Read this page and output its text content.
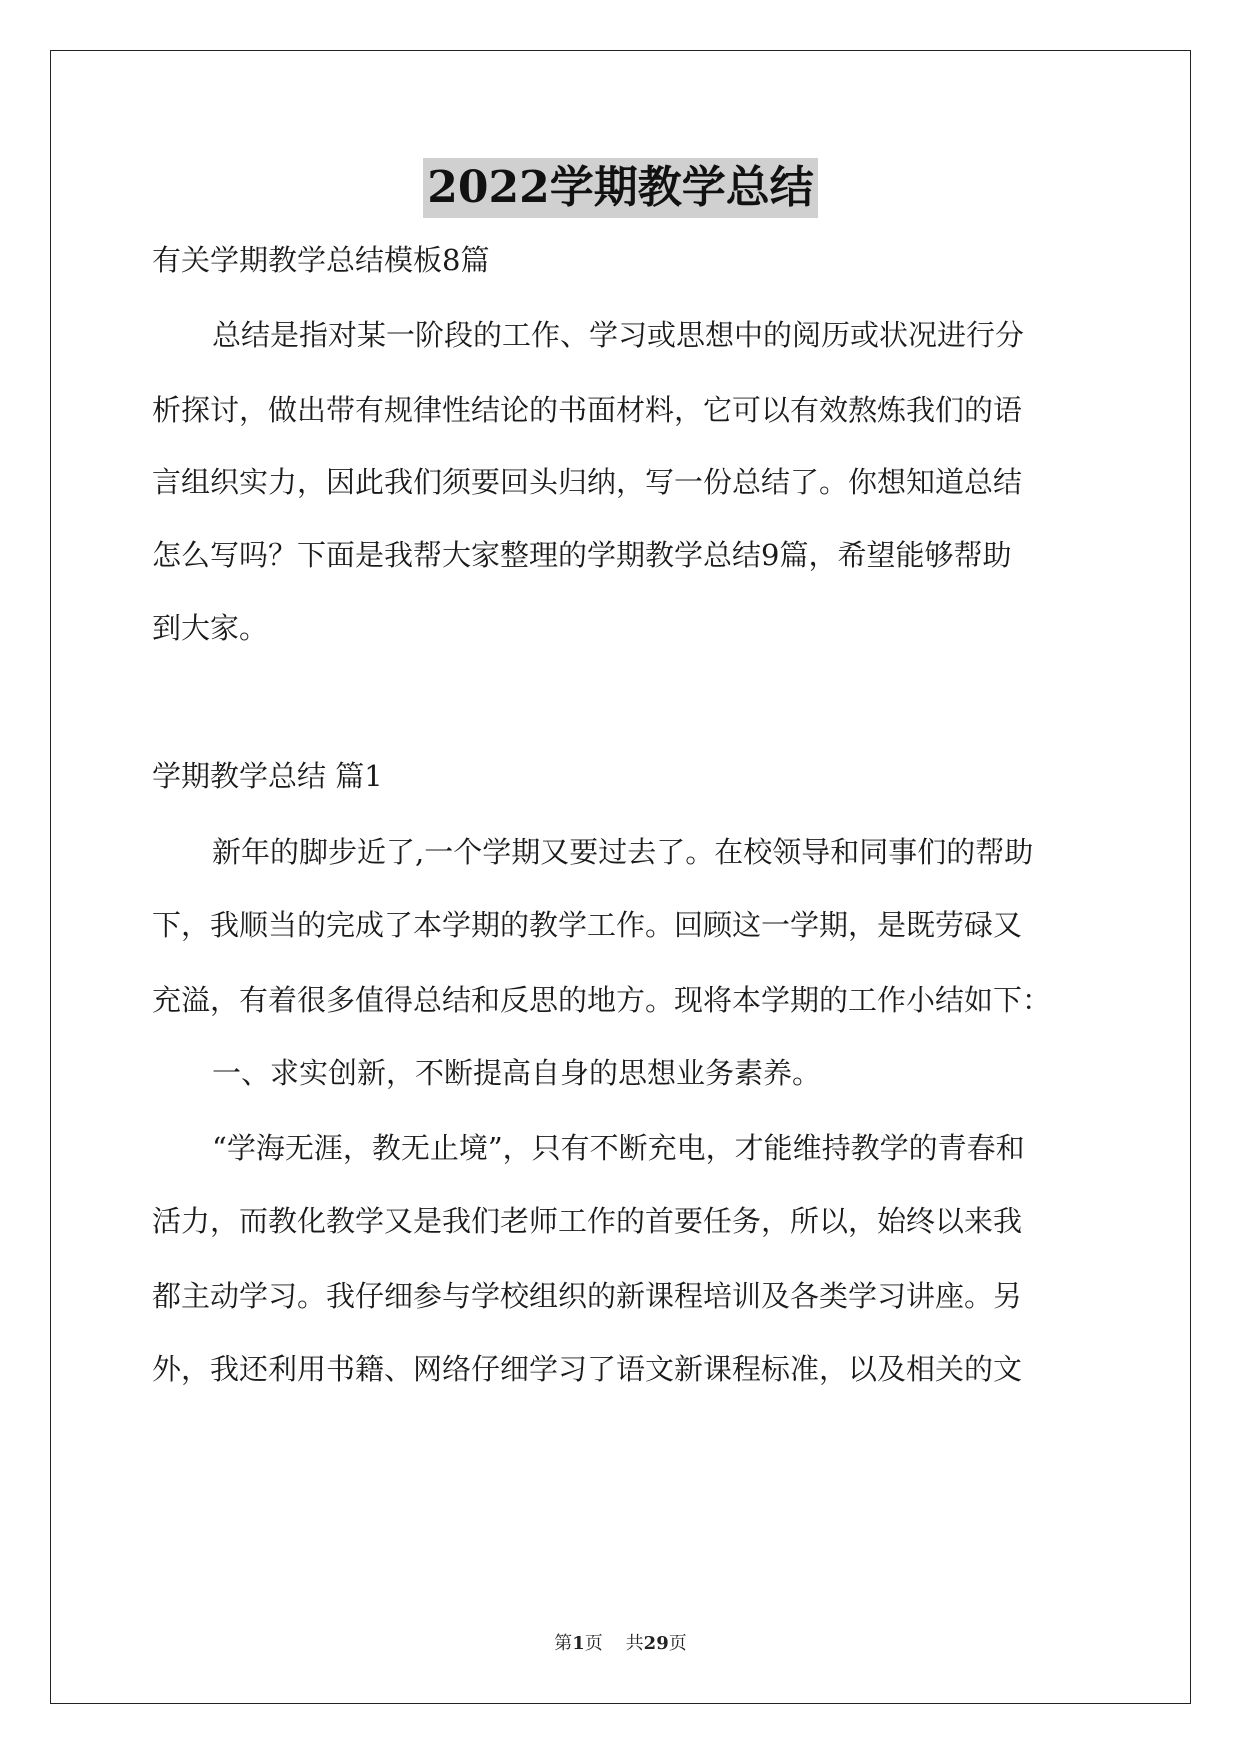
2022学期教学总结

有关学期教学总结模板8篇

总结是指对某一阶段的工作、学习或思想中的阅历或状况进行分

析探讨，做出带有规律性结论的书面材料，它可以有效熬炼我们的语

言组织实力，因此我们须要回头归纳，写一份总结了。你想知道总结

怎么写吗？下面是我帮大家整理的学期教学总结9篇，希望能够帮助

到大家。

学期教学总结 篇1

新年的脚步近了,一个学期又要过去了。在校领导和同事们的帮助

下，我顺当的完成了本学期的教学工作。回顾这一学期，是既劳碌又

充溢，有着很多值得总结和反思的地方。现将本学期的工作小结如下：

一、求实创新，不断提高自身的思想业务素养。

“学海无涯，教无止境”，只有不断充电，才能维持教学的青春和

活力，而教化教学又是我们老师工作的首要任务，所以，始终以来我

都主动学习。我仔细参与学校组织的新课程培训及各类学习讲座。另

外，我还利用书籍、网络仔细学习了语文新课程标准，以及相关的文

第1页 共29页
